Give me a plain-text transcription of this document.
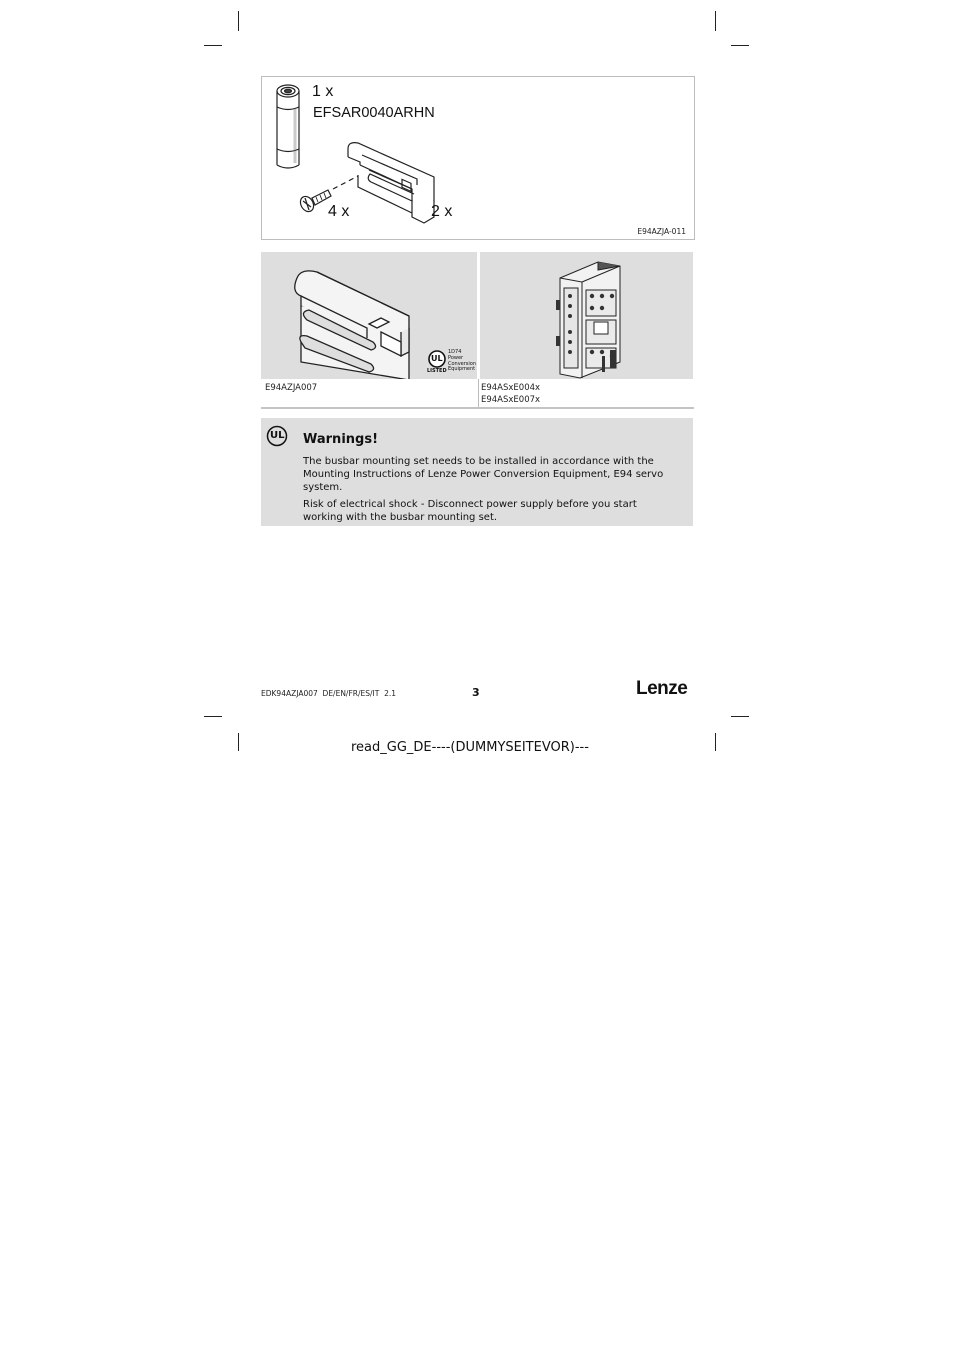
1 x
EFSAR0040ARHN
4 x	2 x
E94AZJA-011
UL
LISTED
1D74
Power
Conversion
Equipment
E94AZJA007	E94ASxE004x
E94ASxE007x
UL Warnings!
The busbar mounting set needs to be installed in accordance with the Mounting Instructions of Lenze Power Conversion Equipment, E94 servo system.
Risk of electrical shock - Disconnect power supply before you start working with the busbar mounting set.
EDK94AZJA007  DE/EN/FR/ES/IT  2.1	3	Lenze
read_GG_DE----(DUMMYSEITEVOR)---
